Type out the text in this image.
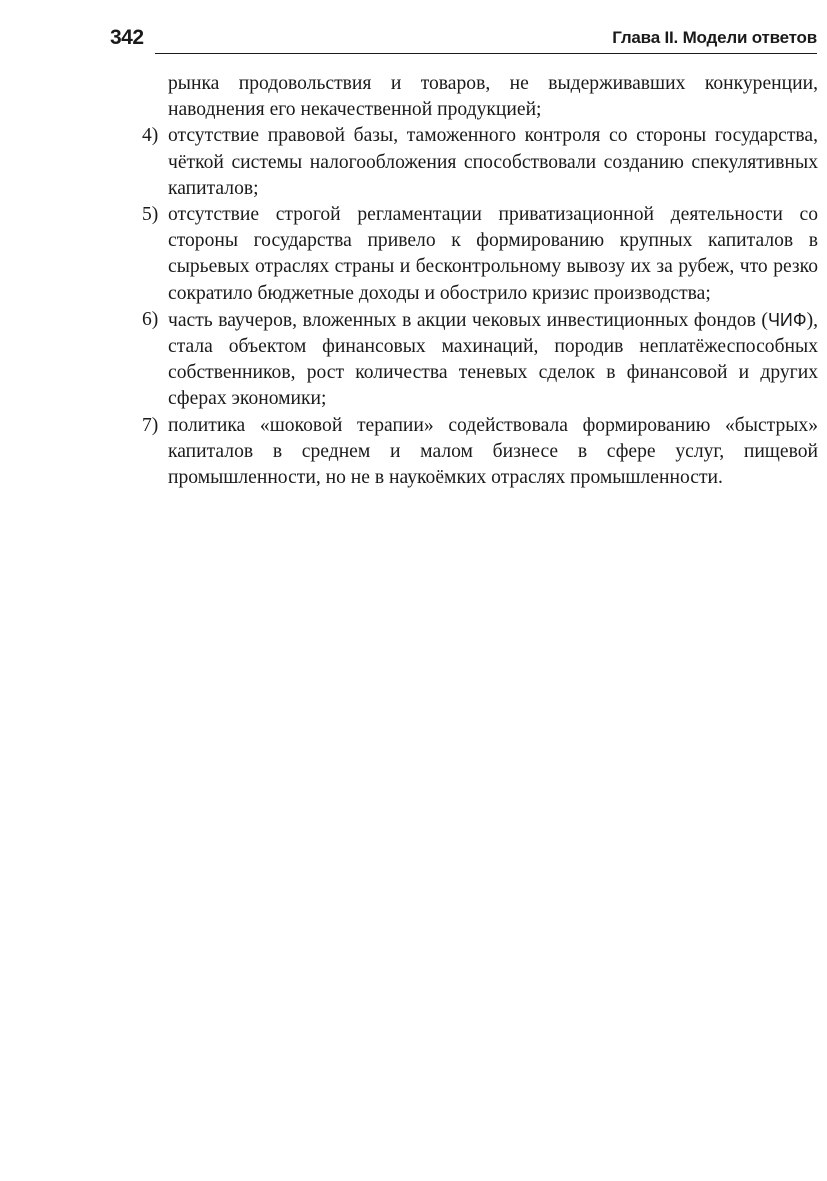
342	Глава II. Модели ответов

рынка продовольствия и товаров, не выдерживавших конкуренции, наводнения его некачественной продукцией;

4) отсутствие правовой базы, таможенного контроля со стороны государства, чёткой системы налогообложения способствовали созданию спекулятивных капиталов;
5) отсутствие строгой регламентации приватизационной деятельности со стороны государства привело к формированию крупных капиталов в сырьевых отраслях страны и бесконтрольному вывозу их за рубеж, что резко сократило бюджетные доходы и обострило кризис производства;
6) часть ваучеров, вложенных в акции чековых инвестиционных фондов (ЧИФ), стала объектом финансовых махинаций, породив неплатёжеспособных собственников, рост количества теневых сделок в финансовой и других сферах экономики;
7) политика «шоковой терапии» содействовала формированию «быстрых» капиталов в среднем и малом бизнесе в сфере услуг, пищевой промышленности, но не в наукоёмких отраслях промышленности.
